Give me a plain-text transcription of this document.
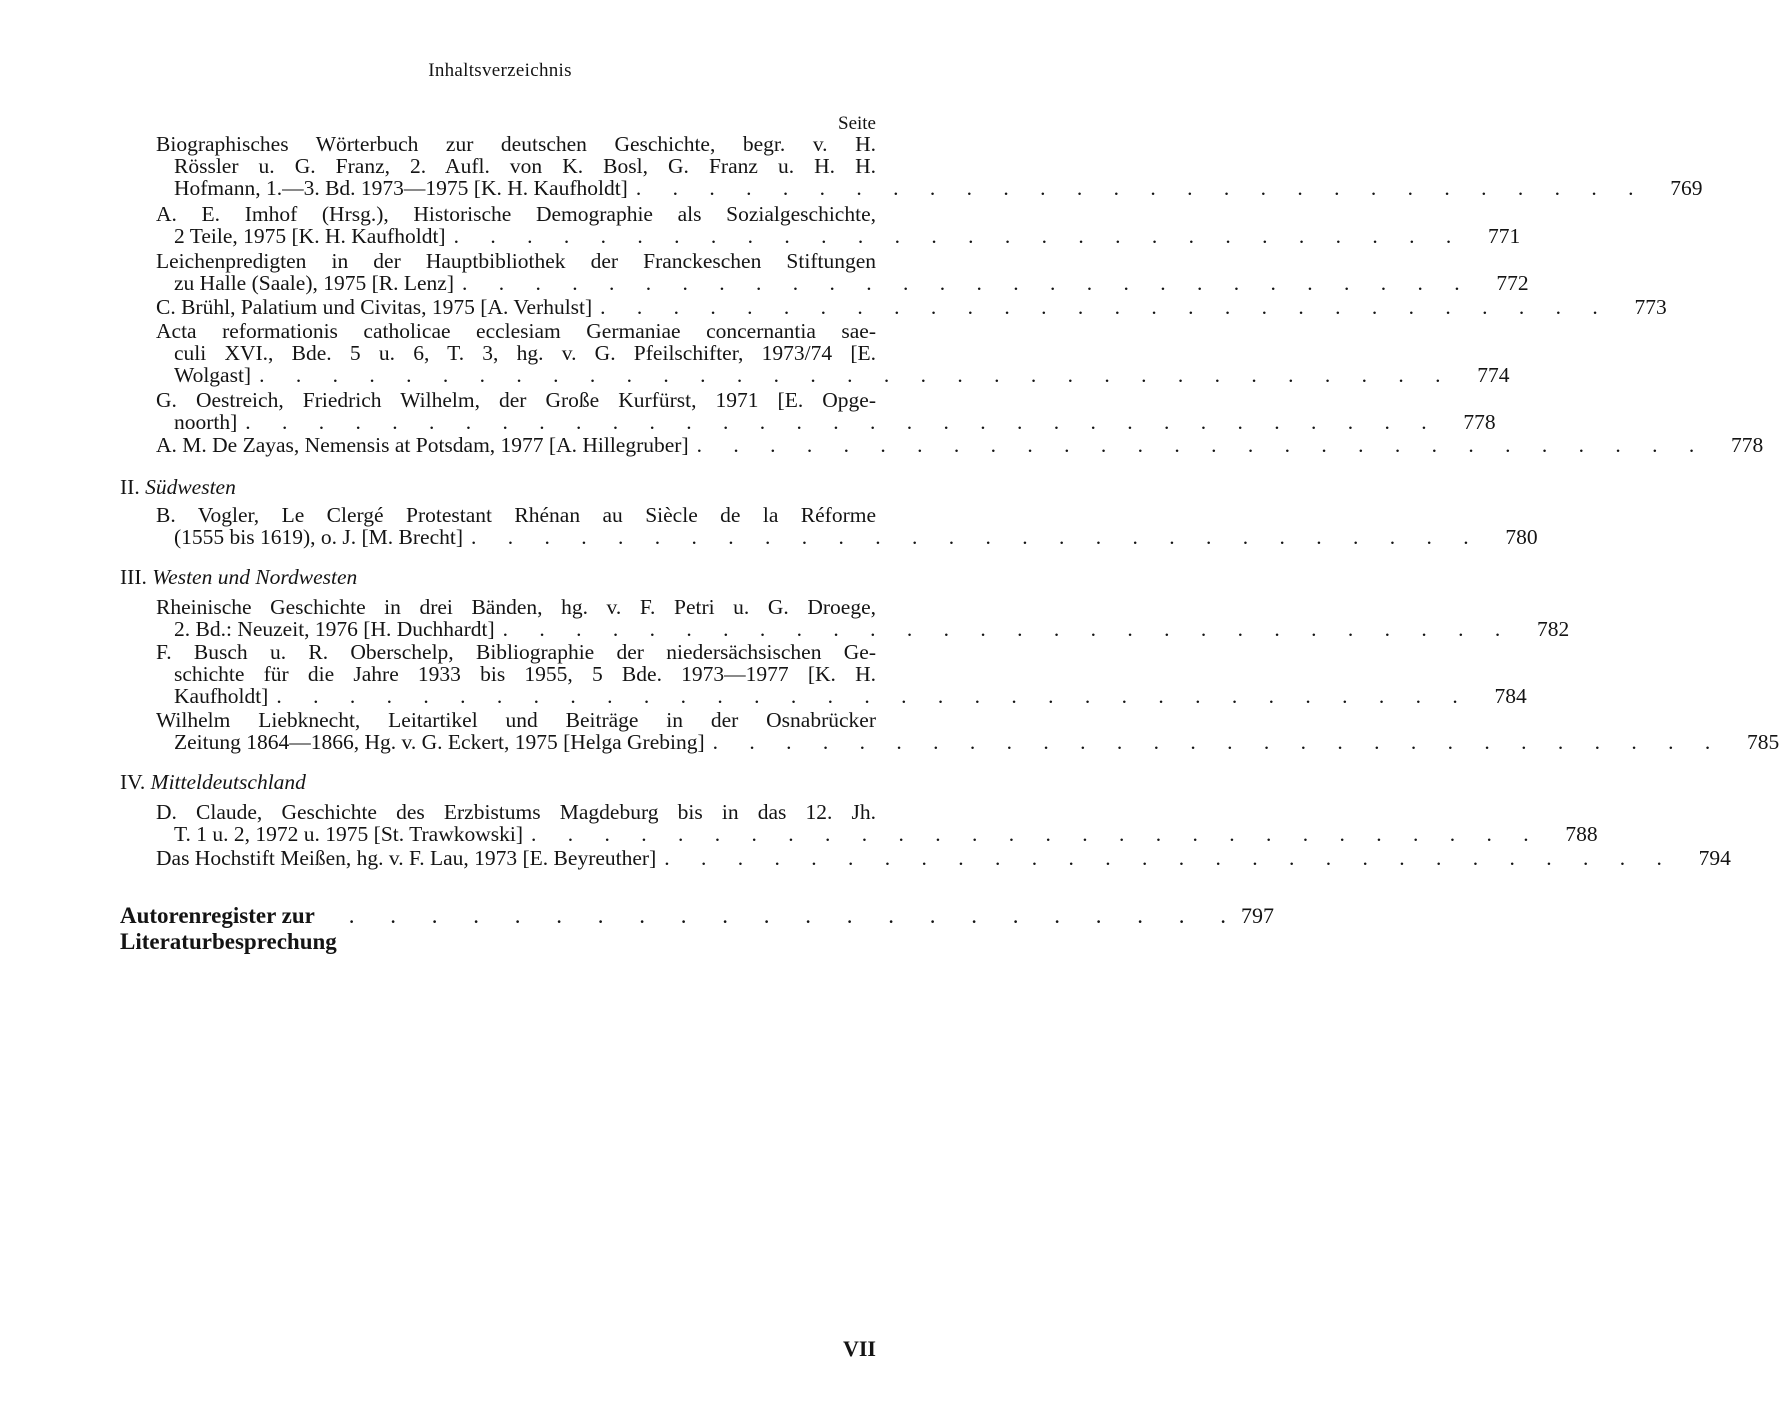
Inhaltsverzeichnis
Seite
Biographisches Wörterbuch zur deutschen Geschichte, begr. v. H.
Rössler u. G. Franz, 2. Aufl. von K. Bosl, G. Franz u. H. H.
Hofmann, 1.—3. Bd. 1973—1975 [K. H. Kaufholdt] . . . . . . . . . . . . . . . . . . . . . . . . . . . .	769
A. E. Imhof (Hrsg.), Historische Demographie als Sozialgeschichte,
2 Teile, 1975 [K. H. Kaufholdt] . . . . . . . . . . . . . . . . . . . . . . . . . . . .	771
Leichenpredigten in der Hauptbibliothek der Franckeschen Stiftungen
zu Halle (Saale), 1975 [R. Lenz] . . . . . . . . . . . . . . . . . . . . . . . . . . . .	772
C. Brühl, Palatium und Civitas, 1975 [A. Verhulst] . . . . . . . . . . . . . . . . . . . . . . . . . . . .	773
Acta reformationis catholicae ecclesiam Germaniae concernantia sae-
culi XVI., Bde. 5 u. 6, T. 3, hg. v. G. Pfeilschifter, 1973/74 [E.
Wolgast] . . . . . . . . . . . . . . . . . . . . . . . . . . . . . . . . .	774
G. Oestreich, Friedrich Wilhelm, der Große Kurfürst, 1971 [E. Opge-
noorth] . . . . . . . . . . . . . . . . . . . . . . . . . . . . . . . . .	778
A. M. De Zayas, Nemensis at Potsdam, 1977 [A. Hillegruber] . . . . . . . . . . . . . . . . . . . . . . . . . . . .	778
II. Südwesten
B. Vogler, Le Clergé Protestant Rhénan au Siècle de la Réforme
(1555 bis 1619), o. J. [M. Brecht] . . . . . . . . . . . . . . . . . . . . . . . . . . . .	780
III. Westen und Nordwesten
Rheinische Geschichte in drei Bänden, hg. v. F. Petri u. G. Droege,
2. Bd.: Neuzeit, 1976 [H. Duchhardt] . . . . . . . . . . . . . . . . . . . . . . . . . . . .	782
F. Busch u. R. Oberschelp, Bibliographie der niedersächsischen Ge-
schichte für die Jahre 1933 bis 1955, 5 Bde. 1973—1977 [K. H.
Kaufholdt] . . . . . . . . . . . . . . . . . . . . . . . . . . . . . . . . .	784
Wilhelm Liebknecht, Leitartikel und Beiträge in der Osnabrücker
Zeitung 1864—1866, Hg. v. G. Eckert, 1975 [Helga Grebing] . . . . . . . . . . . . . . . . . . . . . . . . . . . .	785
IV. Mitteldeutschland
D. Claude, Geschichte des Erzbistums Magdeburg bis in das 12. Jh.
T. 1 u. 2, 1972 u. 1975 [St. Trawkowski] . . . . . . . . . . . . . . . . . . . . . . . . . . . .	788
Das Hochstift Meißen, hg. v. F. Lau, 1973 [E. Beyreuther] . . . . . . . . . . . . . . . . . . . . . . . . . . . .	794
Autorenregister zur Literaturbesprechung
. . . . . . . . . . . . . . . . . . . . . . 797
VII
